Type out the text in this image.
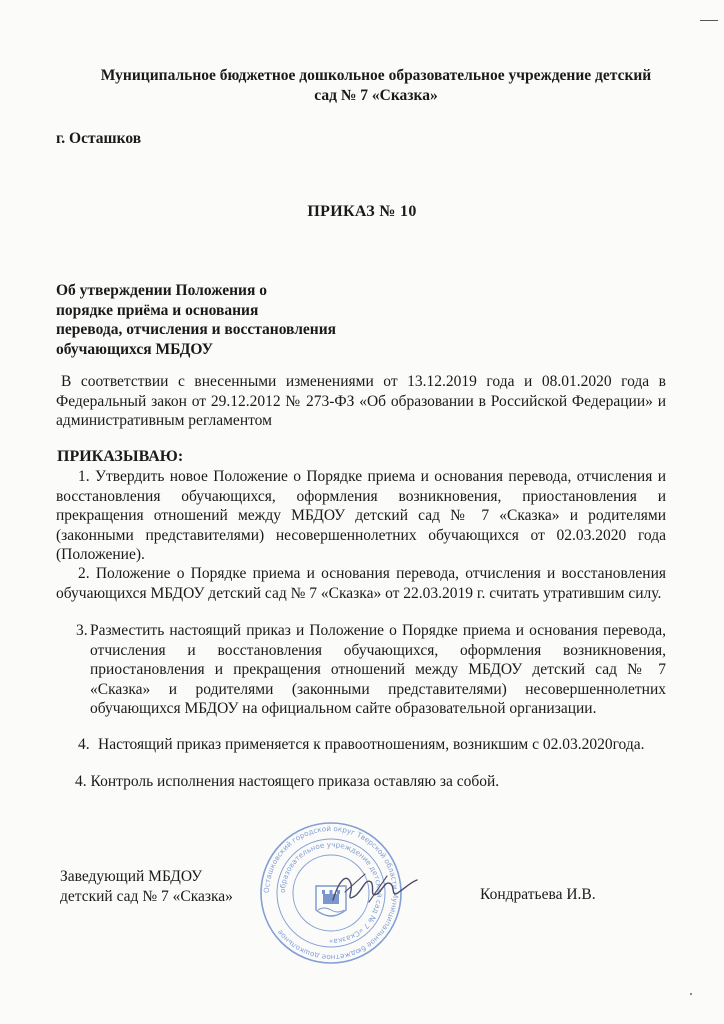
Муниципальное бюджетное дошкольное образовательное учреждение детский
сад № 7 «Сказка»
г. Осташков
ПРИКАЗ № 10
Об утверждении Положения о
порядке приёма и основания
перевода, отчисления и восстановления
обучающихся МБДОУ

В соответствии с внесенными изменениями от 13.12.2019 года и 08.01.2020 года в Федеральный закон от 29.12.2012 № 273-ФЗ «Об образовании в Российской Федерации» и административным регламентом

ПРИКАЗЫВАЮ:

1. Утвердить новое Положение о Порядке приема и основания перевода, отчисления и восстановления обучающихся, оформления возникновения, приостановления и прекращения отношений между МБДОУ детский сад № 7 «Сказка» и родителями (законными представителями) несовершеннолетних обучающихся от 02.03.2020 года (Положение).

2. Положение о Порядке приема и основания перевода, отчисления и восстановления обучающихся МБДОУ детский сад № 7 «Сказка» от 22.03.2019 г. считать утратившим силу.

3. Разместить настоящий приказ и Положение о Порядке приема и основания перевода, отчисления и восстановления обучающихся, оформления возникновения, приостановления и прекращения отношений между МБДОУ детский сад № 7 «Сказка» и родителями (законными представителями) несовершеннолетних обучающихся МБДОУ на официальном сайте образовательной организации.

4. Настоящий приказ применяется к правоотношениям, возникшим с 02.03.2020года.

4. Контроль исполнения настоящего приказа оставляю за собой.
Заведующий МБДОУ
детский сад № 7 «Сказка»	Осташковский городской округ Тверской области Муниципальное бюджетное дошкольное
образовательное учреждение детский сад № 7 «Сказка»
Кондратьева И.В.
